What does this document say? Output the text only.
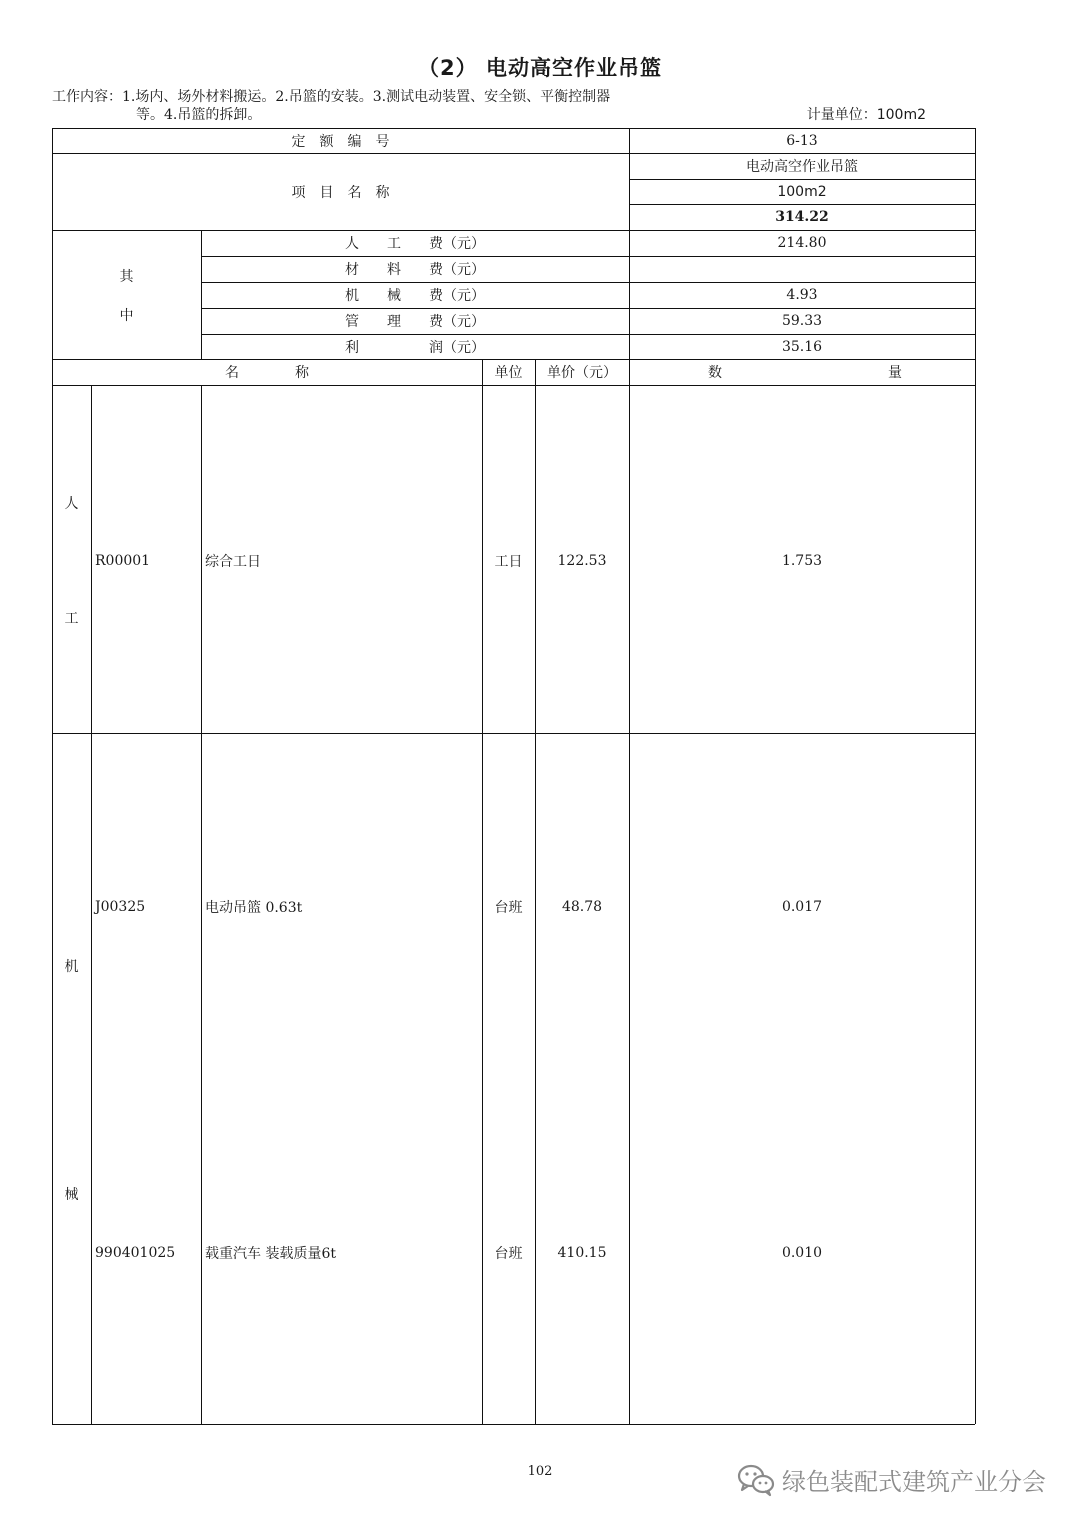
（2） 电动高空作业吊篮
工作内容：1.场内、场外材料搬运。2.吊篮的安装。3.测试电动装置、安全锁、平衡控制器
等。4.吊篮的拆卸。	计量单位：100m2
定　额　编　号	6-13
项　目　名　称
电动高空作业吊篮
100m2
314.22
其
中
人　　工　　费（元）	214.80
材　　料　　费（元）
机　　械　　费（元）	4.93
管　　理　　费（元）	59.33
利　　　　　润（元）	35.16
名　　　　称	单位	单价（元）	数	量
人
工
R00001	综合工日	工日	122.53	1.753
机
械
J00325	电动吊篮 0.63t	台班	48.78	0.017
990401025	载重汽车 装载质量6t	台班	410.15	0.010
102	绿色装配式建筑产业分会
